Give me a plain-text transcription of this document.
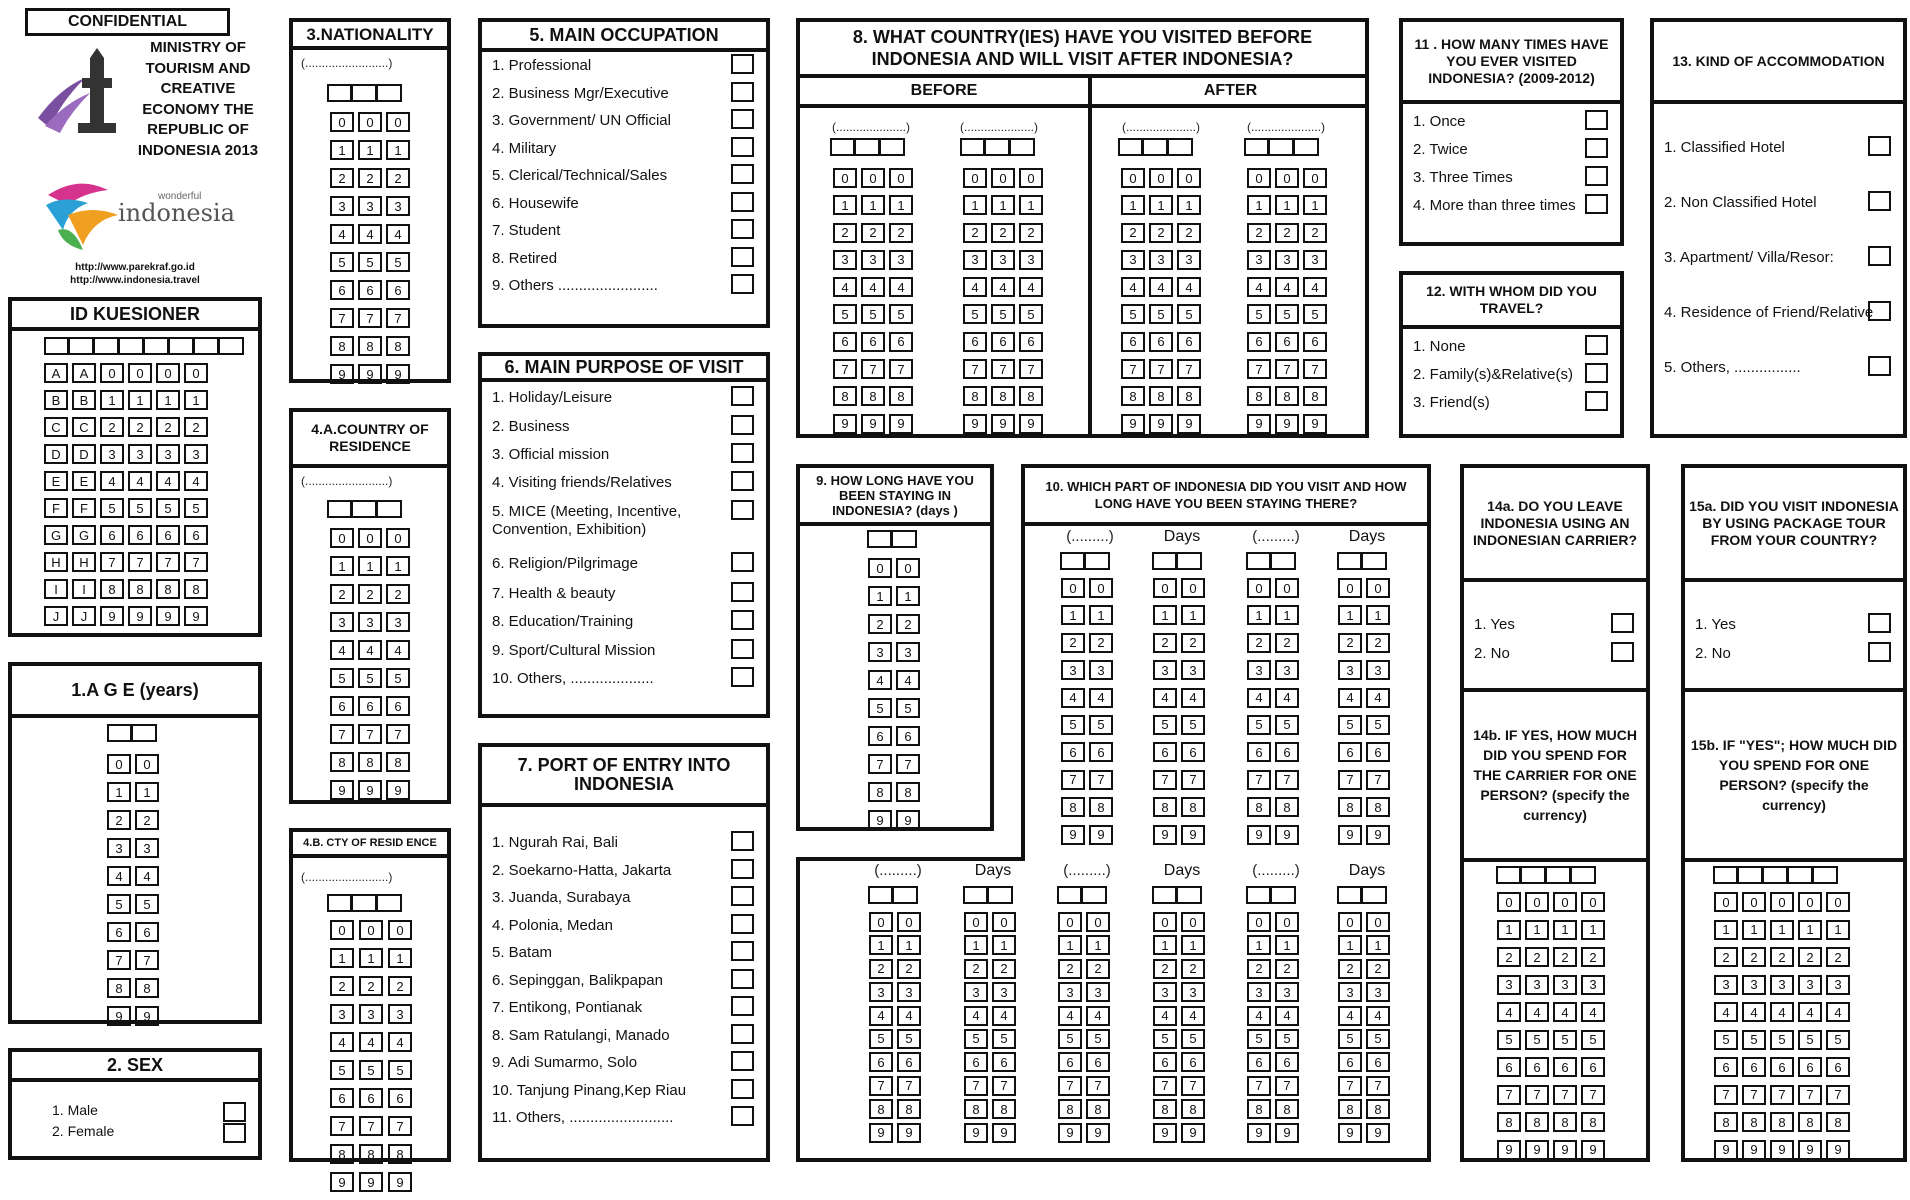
CONFIDENTIAL
MINISTRY OF TOURISM AND CREATIVE ECONOMY THE REPUBLIC OF INDONESIA 2013
wonderful
indonesia
http://www.parekraf.go.id
http://www.indonesia.travel
ID KUESIONER
A	A	0	0	0	0
B	B	1	1	1	1
C	C	2	2	2	2
D	D	3	3	3	3
E	E	4	4	4	4
F	F	5	5	5	5
G	G	6	6	6	6
H	H	7	7	7	7
I	I	8	8	8	8
J	J	9	9	9	9
1.A G E (years)
0	0
1	1
2	2
3	3
4	4
5	5
6	6
7	7
8	8
9	9
2. SEX
1. Male
2. Female
3.NATIONALITY
(.........................)
0	0	0
1	1	1
2	2	2
3	3	3
4	4	4
5	5	5
6	6	6
7	7	7
8	8	8
9	9	9
4.A.COUNTRY OF RESIDENCE
(.........................)
0	0	0
1	1	1
2	2	2
3	3	3
4	4	4
5	5	5
6	6	6
7	7	7
8	8	8
9	9	9
4.B. CTY OF RESID ENCE
(.........................)
0	0	0
1	1	1
2	2	2
3	3	3
4	4	4
5	5	5
6	6	6
7	7	7
8	8	8
9	9	9
5. MAIN OCCUPATION
1. Professional
2. Business Mgr/Executive
3. Government/ UN Official
4. Military
5. Clerical/Technical/Sales
6. Housewife
7. Student
8. Retired
9. Others ........................
6. MAIN PURPOSE OF VISIT
1. Holiday/Leisure
2. Business
3. Official mission
4. Visiting friends/Relatives
5. MICE (Meeting, Incentive, Convention, Exhibition)
6. Religion/Pilgrimage
7. Health & beauty
8. Education/Training
9. Sport/Cultural Mission
10. Others, ....................
7. PORT OF ENTRY INTO INDONESIA
1. Ngurah Rai, Bali
2. Soekarno-Hatta, Jakarta
3. Juanda, Surabaya
4. Polonia, Medan
5. Batam
6. Sepinggan, Balikpapan
7. Entikong, Pontianak
8. Sam Ratulangi, Manado
9. Adi Sumarmo, Solo
10. Tanjung Pinang,Kep Riau
11. Others, .........................
8. WHAT COUNTRY(IES) HAVE YOU VISITED BEFORE INDONESIA AND WILL VISIT AFTER INDONESIA?
BEFORE	AFTER
(.....................)	(.....................)	(.....................)	(.....................)
0	0	0
1	1	1
2	2	2
3	3	3
4	4	4
5	5	5
6	6	6
7	7	7
8	8	8
9	9	9
0	0	0
1	1	1
2	2	2
3	3	3
4	4	4
5	5	5
6	6	6
7	7	7
8	8	8
9	9	9
0	0	0
1	1	1
2	2	2
3	3	3
4	4	4
5	5	5
6	6	6
7	7	7
8	8	8
9	9	9
0	0	0
1	1	1
2	2	2
3	3	3
4	4	4
5	5	5
6	6	6
7	7	7
8	8	8
9	9	9
11 . HOW MANY TIMES HAVE YOU EVER VISITED INDONESIA? (2009-2012)
1. Once
2. Twice
3. Three Times
4. More than three times
12. WITH WHOM DID YOU TRAVEL?
1. None
2. Family(s)&Relative(s)
3. Friend(s)
13. KIND OF ACCOMMODATION
1. Classified Hotel
2. Non Classified Hotel
3. Apartment/ Villa/Resor:
4. Residence of Friend/Relative
5. Others, ................
9. HOW LONG HAVE YOU BEEN STAYING IN INDONESIA? (days )
0	0
1	1
2	2
3	3
4	4
5	5
6	6
7	7
8	8
9	9
10. WHICH PART OF INDONESIA DID YOU VISIT AND HOW LONG HAVE YOU BEEN STAYING THERE?
(.........)
0	0
1	1
2	2
3	3
4	4
5	5
6	6
7	7
8	8
9	9
Days
0	0
1	1
2	2
3	3
4	4
5	5
6	6
7	7
8	8
9	9
(.........)
0	0
1	1
2	2
3	3
4	4
5	5
6	6
7	7
8	8
9	9
Days
0	0
1	1
2	2
3	3
4	4
5	5
6	6
7	7
8	8
9	9
(.........)
0	0
1	1
2	2
3	3
4	4
5	5
6	6
7	7
8	8
9	9
Days
0	0
1	1
2	2
3	3
4	4
5	5
6	6
7	7
8	8
9	9
(.........)
0	0
1	1
2	2
3	3
4	4
5	5
6	6
7	7
8	8
9	9
Days
0	0
1	1
2	2
3	3
4	4
5	5
6	6
7	7
8	8
9	9
(.........)
0	0
1	1
2	2
3	3
4	4
5	5
6	6
7	7
8	8
9	9
Days
0	0
1	1
2	2
3	3
4	4
5	5
6	6
7	7
8	8
9	9
14a. DO YOU LEAVE INDONESIA USING AN INDONESIAN CARRIER?
1. Yes
2. No
14b. IF YES, HOW MUCH DID YOU SPEND FOR THE CARRIER FOR ONE PERSON? (specify the currency)
0	0	0	0
1	1	1	1
2	2	2	2
3	3	3	3
4	4	4	4
5	5	5	5
6	6	6	6
7	7	7	7
8	8	8	8
9	9	9	9
15a. DID YOU VISIT INDONESIA BY USING PACKAGE TOUR FROM YOUR COUNTRY?
1. Yes
2. No
15b. IF "YES"; HOW MUCH DID YOU SPEND FOR ONE PERSON? (specify the currency)
0	0	0	0	0
1	1	1	1	1
2	2	2	2	2
3	3	3	3	3
4	4	4	4	4
5	5	5	5	5
6	6	6	6	6
7	7	7	7	7
8	8	8	8	8
9	9	9	9	9
